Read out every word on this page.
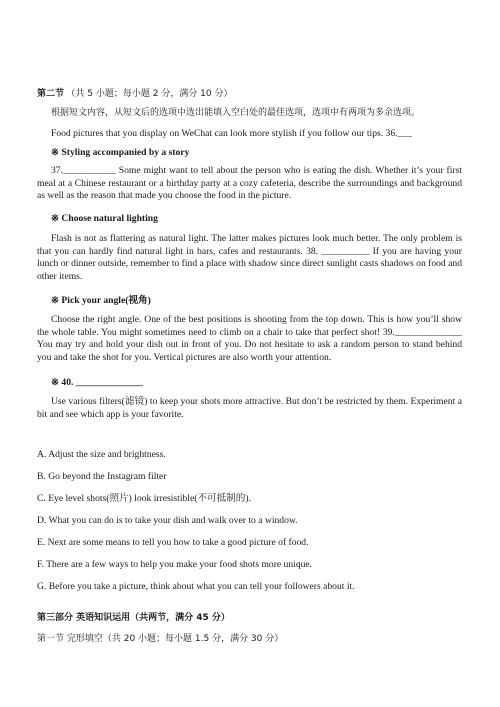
第二节 （共 5 小题；每小题 2 分，满分 10 分）
根据短文内容，从短文后的选项中选出能填入空白处的最佳选项，选项中有两项为多余选项。
Food pictures that you display on WeChat can look more stylish if you follow our tips. 36.___
※ Styling accompanied by a story
37.___________ Some might want to tell about the person who is eating the dish. Whether it’s your first meal at a Chinese restaurant or a birthday party at a cozy cafeteria, describe the surroundings and background as well as the reason that made you choose the food in the picture.
※ Choose natural lighting
Flash is not as flattering as natural light. The latter makes pictures look much better. The only problem is that you can hardly find natural light in bars, cafes and restaurants. 38. __________ If you are having your lunch or dinner outside, remember to find a place with shadow since direct sunlight casts shadows on food and other items.
※ Pick your angle(视角)
Choose the right angle. One of the best positions is shooting from the top down. This is how you’ll show the whole table. You might sometimes need to climb on a chair to take that perfect shot! 39.______________ You may try and hold your dish out in front of you. Do not hesitate to ask a random person to stand behind you and take the shot for you. Vertical pictures are also worth your attention.
※ 40. ______________
Use various filters(滤镜) to keep your shots more attractive. But don’t be restricted by them. Experiment a bit and see which app is your favorite.
A. Adjust the size and brightness.
B. Go beyond the Instagram filter
C. Eye level shots(照片) look irresistible(不可抵制的).
D. What you can do is to take your dish and walk over to a window.
E. Next are some means to tell you how to take a good picture of food.
F. There are a few ways to help you make your food shots more unique.
G. Before you take a picture, think about what you can tell your followers about it.
第三部分 英语知识运用（共两节，满分 45 分）
第一节 完形填空（共 20 小题；每小题 1.5 分，满分 30 分）
